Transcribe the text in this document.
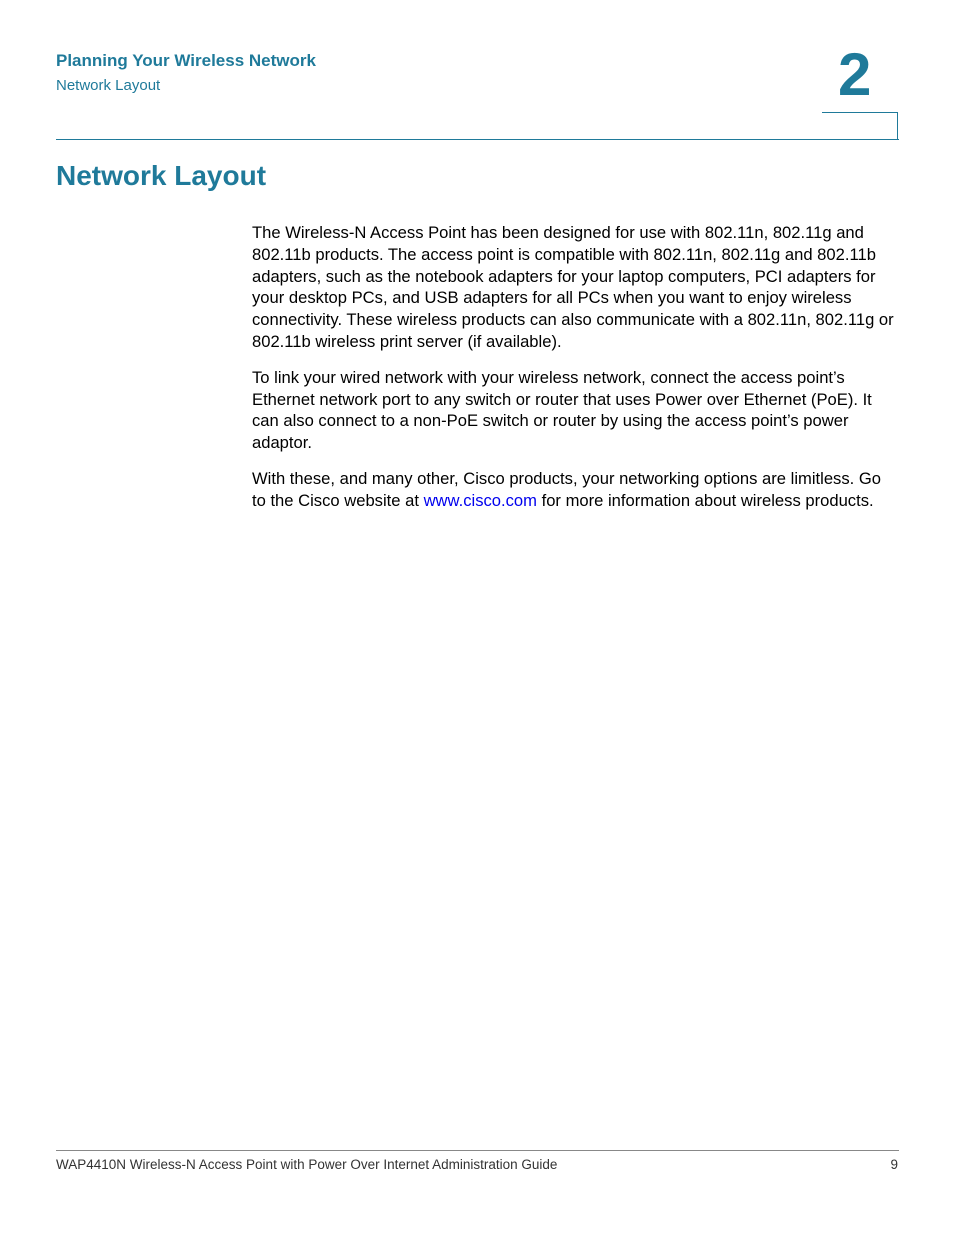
Planning Your Wireless Network
Network Layout	2
Network Layout

The Wireless-N Access Point has been designed for use with 802.11n, 802.11g and 802.11b products. The access point is compatible with 802.11n, 802.11g and 802.11b adapters, such as the notebook adapters for your laptop computers, PCI adapters for your desktop PCs, and USB adapters for all PCs when you want to enjoy wireless connectivity. These wireless products can also communicate with a 802.11n, 802.11g or 802.11b wireless print server (if available).

To link your wired network with your wireless network, connect the access point’s Ethernet network port to any switch or router that uses Power over Ethernet (PoE). It can also connect to a non-PoE switch or router by using the access point’s power adaptor.

With these, and many other, Cisco products, your networking options are limitless. Go to the Cisco website at www.cisco.com for more information about wireless products.

WAP4410N Wireless-N Access Point with Power Over Internet Administration Guide	9
